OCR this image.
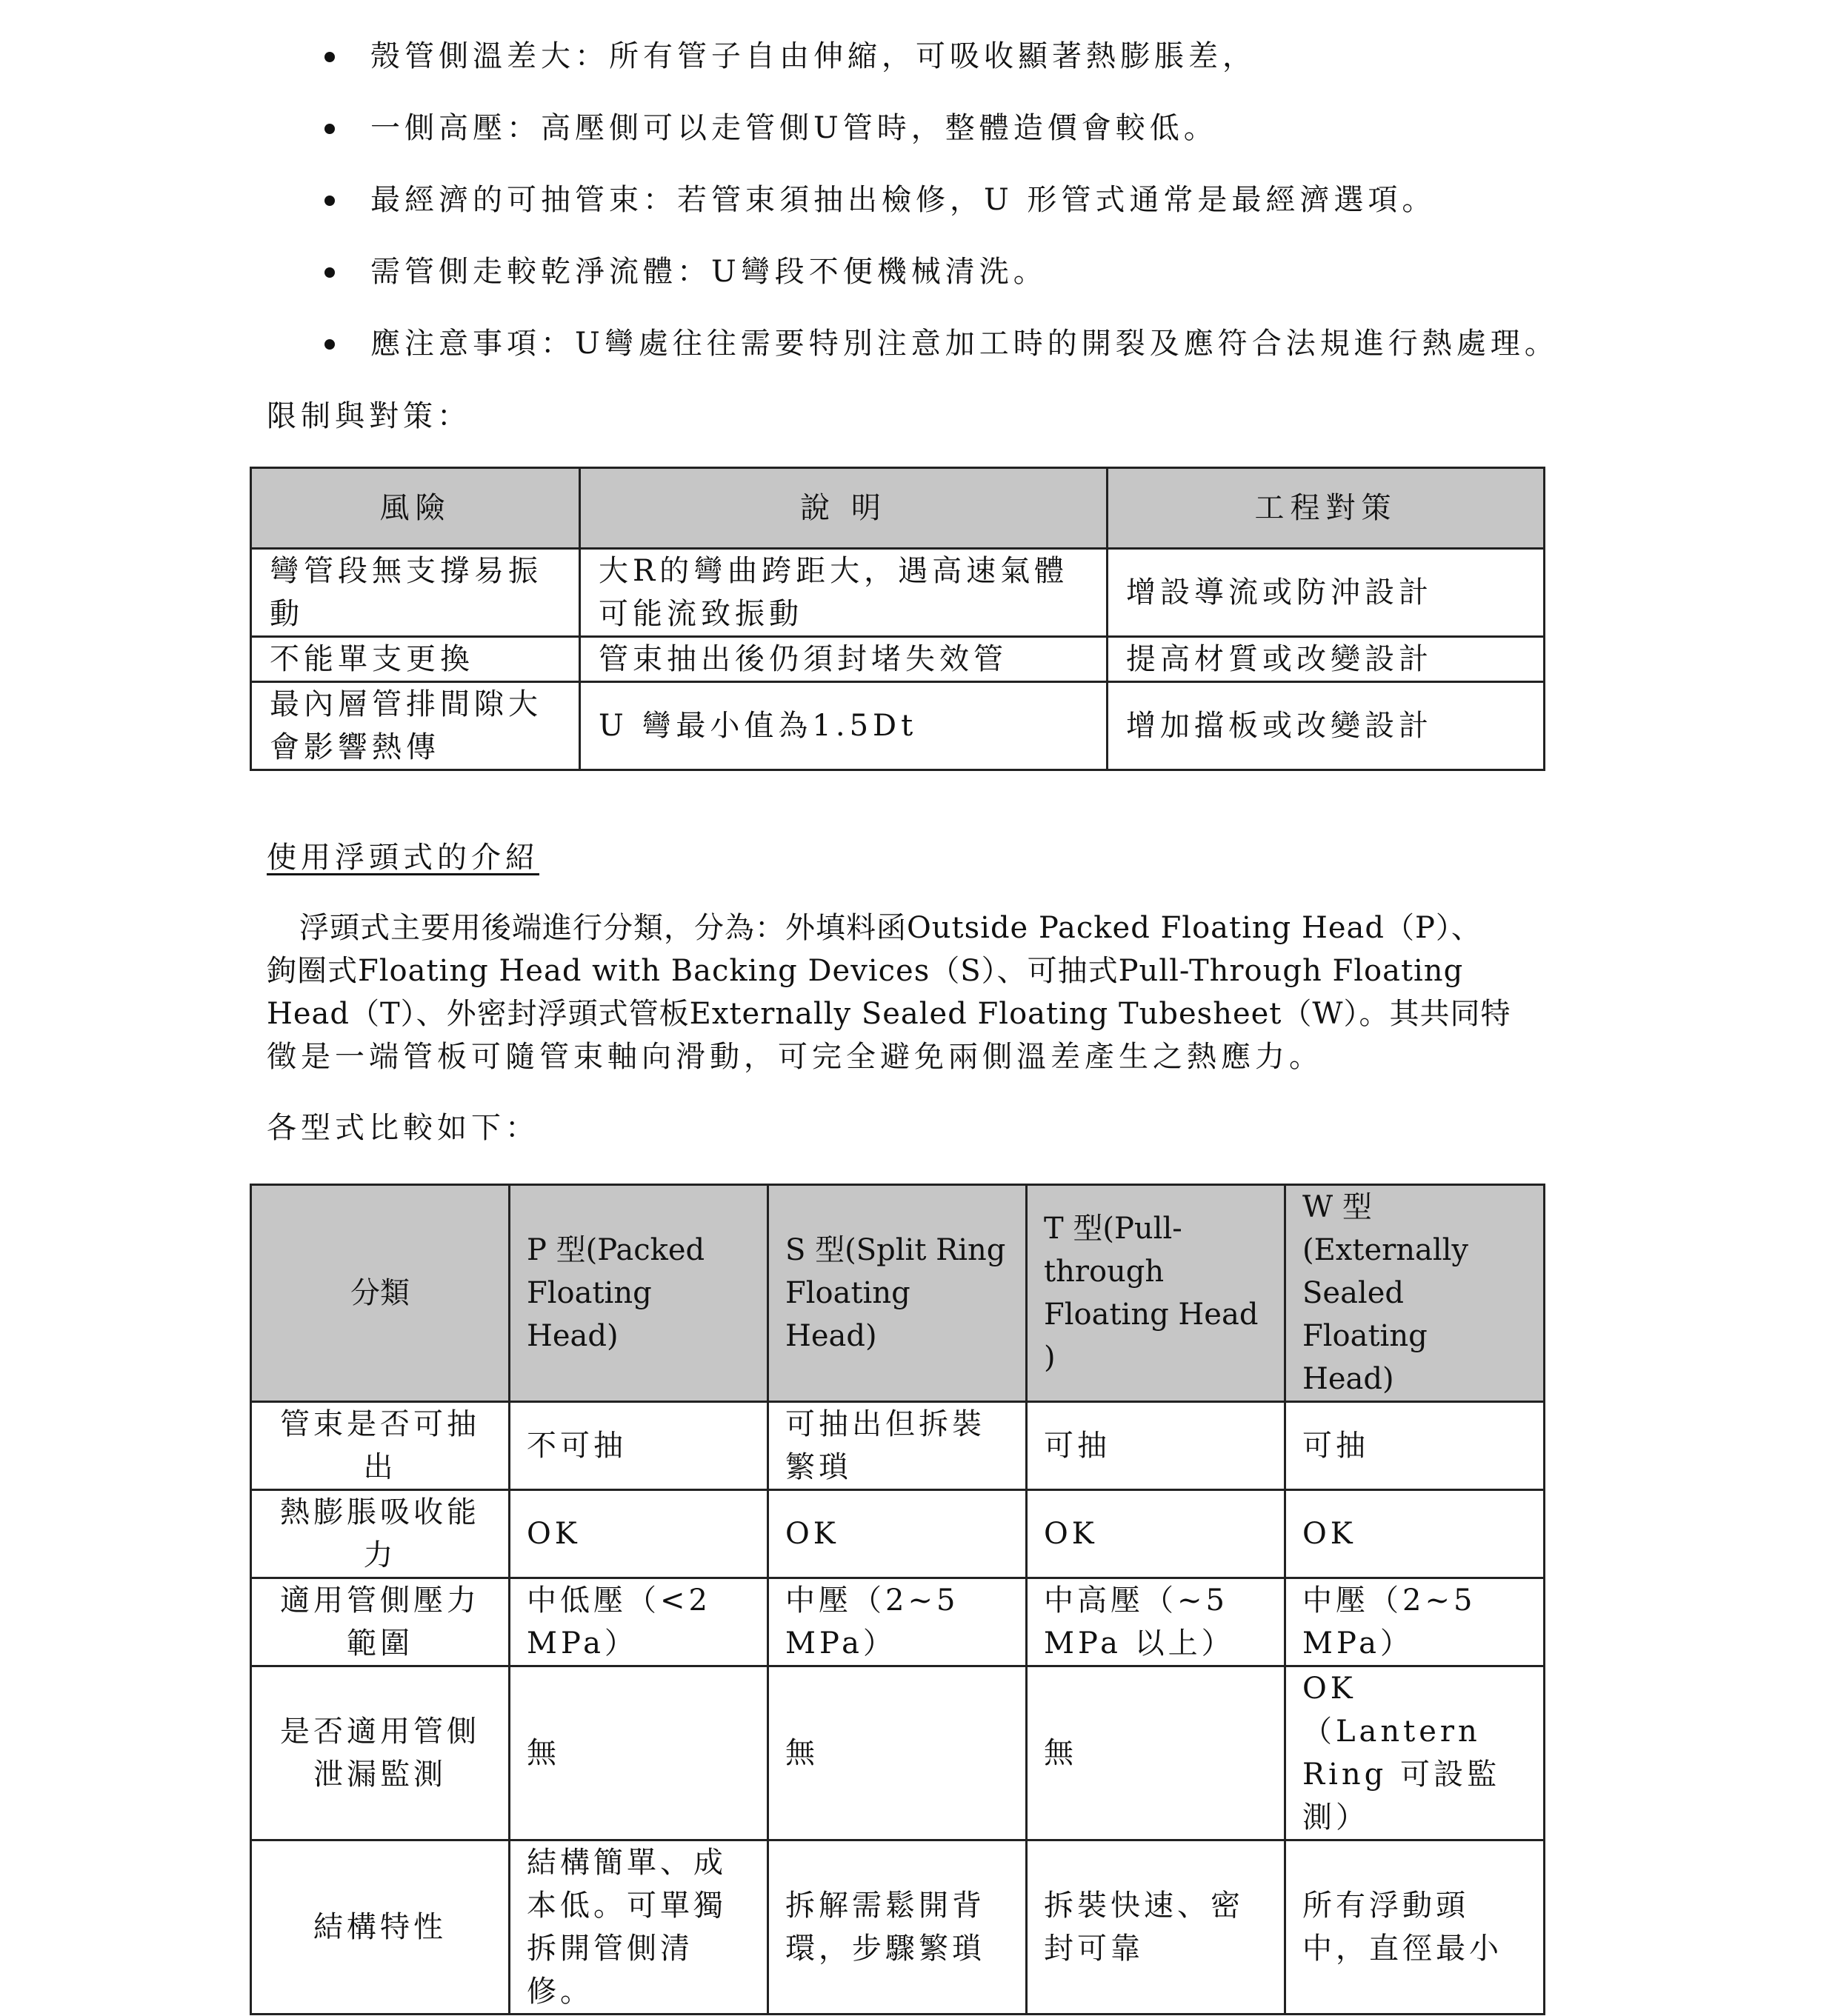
殼管側溫差大：所有管子自由伸縮，可吸收顯著熱膨脹差，
一側高壓：高壓側可以走管側U管時，整體造價會較低。
最經濟的可抽管束：若管束須抽出檢修，U 形管式通常是最經濟選項。
需管側走較乾淨流體：U彎段不便機械清洗。
應注意事項：U彎處往往需要特別注意加工時的開裂及應符合法規進行熱處理。
限制與對策：
風險	說 明	工程對策
彎管段無支撐易振動	大R的彎曲跨距大，遇高速氣體可能流致振動	增設導流或防沖設計
不能單支更換	管束抽出後仍須封堵失效管	提高材質或改變設計
最內層管排間隙大會影響熱傳	U 彎最小值為1.5Dt	增加擋板或改變設計
使用浮頭式的介紹
浮頭式主要用後端進行分類，分為：外填料函Outside Packed Floating Head（P）、
鉤圈式Floating Head with Backing Devices（S）、可抽式Pull-Through Floating
Head（T）、外密封浮頭式管板Externally Sealed Floating Tubesheet（W）。其共同特
徵是一端管板可隨管束軸向滑動，可完全避免兩側溫差產生之熱應力。
各型式比較如下：
分類	P 型(Packed Floating Head)	S 型(Split Ring Floating Head)	T 型(Pull-through Floating Head )	W 型(Externally Sealed Floating Head)
管束是否可抽出	不可抽	可抽出但拆裝繁瑣	可抽	可抽
熱膨脹吸收能力	OK	OK	OK	OK
適用管側壓力範圍	中低壓（<2 MPa）	中壓（2~5 MPa）	中高壓（~5 MPa 以上）	中壓（2~5 MPa）
是否適用管側泄漏監測	無	無	無	OK（Lantern Ring 可設監測）
結構特性	結構簡單、成本低。可單獨拆開管側清修。	拆解需鬆開背環，步驟繁瑣	拆裝快速、密封可靠	所有浮動頭中，直徑最小
